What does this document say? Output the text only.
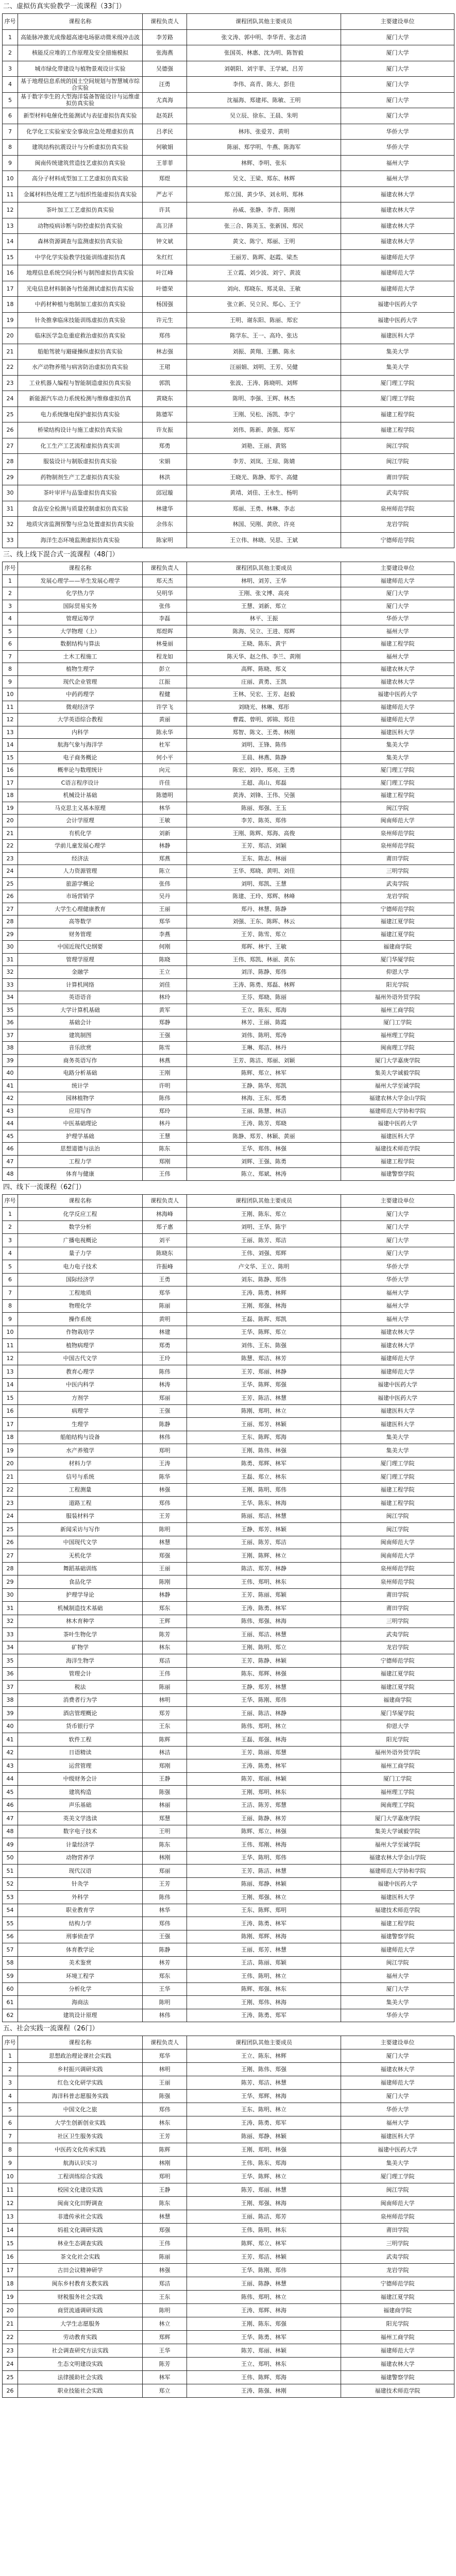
二、虚拟仿真实验教学一流课程（33门）
序号	课程名称	课程负责人	课程团队其他主要成员	主要建设单位
1	高能脉冲激光成像超高速电场驱动微米级冲击波	李芳路	张文涛、郭中明、李华青、张志清	厦门大学
2	核能反应堆的工作原理及安全措施模拟	张海燕	张国英、林惠、沈为明、陈智毅	厦门大学
3	城市绿化带建设与植物景观设计实验	吴德强	刘朝阳、刘宇菲、王学斌、吕芳	厦门大学
4	基于地理信息系统的国土空间规划与智慧城市综合实验	汪勇	李伟、高青、陈大、彭佳	厦门大学
5	基于数字孪生的大型海洋装备智能设计与运维虚拟仿真实验	尤真海	沈福海、郑建邦、陈敏、王明	厦门大学
6	新型材料电催化性能测试与表征虚拟仿真实验	赵英跃	吴立辰、徐东、王晨、朱明	厦门大学
7	化学化工实验室安全事故应急处理虚拟仿真	吕孝民	林玮、张爱芳、黄明	华侨大学
8	建筑结构抗震设计与分析虚拟仿真实验	何敏娟	陈丽、郑学明、牛燕、陈海军	华侨大学
9	闽南传统建筑营造技艺虚拟仿真实验	王菲菲	林辉、李明、张东	福州大学
10	高分子材料成型加工工艺虚拟仿真实验	郑煜	吴文、王梁、郑东、林辉	福州大学
11	金属材料热处理工艺与组织性能虚拟仿真实验	严志平	郑立国、黄少华、刘永明、郑林	福建农林大学
12	茶叶加工工艺虚拟仿真实验	许其	孙威、张静、李青、陈刚	福建农林大学
13	动物疫病诊断与防控虚拟仿真实验	高卫泽	张三合、陈美玉、张新国、郑民	福建农林大学
14	森林资源调查与监测虚拟仿真实验	钟文斌	黄文、陈宁、郑丽、王明	福建农林大学
15	中学化学实验教学技能训练虚拟仿真	朱红红	王丽芳、陈晖、赵霞、梁杰	福建师范大学
16	地理信息系统空间分析与制图虚拟仿真实验	叶江峰	王立霞、刘少波、刘宁、黄波	福建师范大学
17	光电信息材料制备与性能测试虚拟仿真实验	叶德荣	刘向、郑晓东、郑灵泉、王敏	福建师范大学
18	中药材种植与炮制加工虚拟仿真实验	杨国强	张立新、吴立民、郑心、王宁	福建中医药大学
19	针灸推拿临床技能训练虚拟仿真实验	许元生	王明、谢东阳、陈丽、郑宏	福建中医药大学
20	临床医学急危重症救治虚拟仿真实验	郑伟	陈学东、王一、高玲、张达	福建医科大学
21	船舶驾驶与避碰操纵虚拟仿真实验	林志强	刘振、黄翔、王鹏、陈永	集美大学
22	水产动物养殖与病害防治虚拟仿真实验	王珺	汪丽娟、刘明、王芳、吴健	集美大学
23	工业机器人编程与智能制造虚拟仿真实验	郭凯	张波、王涛、陈晓明、刘辉	厦门理工学院
24	新能源汽车动力系统检测与维修虚拟仿真	黄晓东	陈明、李强、王辉、林杰	厦门理工学院
25	电力系统继电保护虚拟仿真实验	陈德军	王刚、吴松、汤凯、李宁	福建工程学院
26	桥梁结构设计与施工虚拟仿真实验	许友振	刘伟、陈新、黄强、郑军	福建工程学院
27	化工生产工艺流程虚拟仿真实训	郑勇	刘艳、王丽、黄铭	闽江学院
28	服装设计与制版虚拟仿真实验	宋娟	李芳、刘岚、王琼、陈婧	闽江学院
29	药物制剂生产工艺虚拟仿真实验	林洪	王晓光、陈静、郑宇、高健	莆田学院
30	茶叶审评与品鉴虚拟仿真实验	邱冠璇	黄靖、刘佳、王永生、杨明	武夷学院
31	食品安全检测与质量控制虚拟仿真实验	林建华	郑丽、王勇、林琳、李志	泉州师范学院
32	地质灾害监测预警与应急处置虚拟仿真实验	余伟东	林国、吴刚、黄欣、许亮	龙岩学院
33	海洋生态环境监测虚拟仿真实验	陈家明	王立伟、林晓、吴思、王斌	宁德师范学院
三、线上线下混合式一流课程（48门）
序号	课程名称	课程负责人	课程团队其他主要成员	主要建设单位
1	发展心理学——毕生发展心理学	郑天杰	林明、刘芳、王华	福建师范大学
2	化学热力学	吴明华	王刚、张文博、高亮	厦门大学
3	国际贸易实务	张伟	王慧、刘新、郑立	厦门大学
4	管理运筹学	李磊	林平、王振	华侨大学
5	大学物理（上）	郑煜晖	陈海、吴立、王进、郑辉	福州大学
6	数据结构与算法	林曼丽	王晓、陈东、黄宇	福建工程学院
7	土木工程施工	程龙如	陈天华、赵之伟、李兰、黄刚	福州大学
8	植物生理学	彭立	高辉、陈晓、郑义	福建农林大学
9	现代企业管理	江振	庄丽、黄勇、王凯	福建农林大学
10	中药药理学	程健	王林、吴宏、王芳、赵毅	福建中医药大学
11	微观经济学	许学飞	刘晓光、林琳、郑彤	福建师范大学
12	大学英语综合教程	黄丽	曹霞、曾明、郭锦、郑佳	福建师范大学
13	内科学	陈永华	郑智、陈文、王勇、林刚	福建医科大学
14	航海气象与海洋学	杜军	刘明、王锋、陈伟	集美大学
15	电子商务概论	何小平	王晨、林燕、陈静	集美大学
16	概率论与数理统计	向元	陈宏、刘玲、郑亮、王勇	厦门理工学院
17	C语言程序设计	许佳	王超、高山、郑磊	厦门理工学院
18	机械设计基础	陈德明	黄涛、刘锋、王伟、吴强	福建工程学院
19	马克思主义基本原理	林华	陈丽、郑强、王玉	闽江学院
20	会计学原理	王敏	李芳、陈英、郑伟	闽南师范大学
21	有机化学	刘新	王刚、陈辉、郑海、高俊	泉州师范学院
22	学前儿童发展心理学	林静	王芳、郑洁、刘颖	泉州师范学院
23	经济法	郑燕	王东、陈志、林丽	莆田学院
24	人力资源管理	陈立	王华、郑晓、黄明、刘佳	三明学院
25	旅游学概论	张伟	刘明、郑凯、王慧	武夷学院
26	市场营销学	吴丹	陈建、王玲、郑辉、林峰	龙岩学院
27	大学生心理健康教育	王丽	郑丹、林慧、陈静	宁德师范学院
28	高等数学	郑华	刘强、王东、陈晖、林云	福建江夏学院
29	财务管理	李燕	王芳、陈雪、郑立	福建江夏学院
30	中国近现代史纲要	何刚	郑晖、林宇、王敏	福建商学院
31	管理学原理	陈晓	王伟、郑凯、林丽、黄东	厦门华厦学院
32	金融学	王立	刘洋、陈静、郑伟	仰恩大学
33	计算机网络	刘佳	王涛、陈勇、郑磊、林辉	阳光学院
34	英语语音	林玲	王芬、郑晓、陈丽	福州外语外贸学院
35	大学计算机基础	黄军	王立、陈东、郑海	福州工商学院
36	基础会计	郑静	林芳、王丽、陈霞	厦门工学院
37	建筑制图	王强	刘伟、陈明、郑涛	福州理工学院
38	音乐欣赏	陈雪	王琳、郑洁、林丹	闽南理工学院
39	商务英语写作	林燕	王芳、陈洁、郑丽、刘颖	厦门大学嘉庚学院
40	电路分析基础	王刚	陈辉、郑立、林军	集美大学诚毅学院
41	统计学	许明	王静、陈华、郑凯	福州大学至诚学院
42	园林植物学	陈伟	林海、王东、郑勇	福建农林大学金山学院
43	应用写作	郑玲	王丽、陈慧、林洁	福建师范大学协和学院
44	中医基础理论	林丹	王涛、陈芳、郑晓	福建中医药大学
45	护理学基础	王慧	陈静、郑芳、林颖、黄丽	福建医科大学
46	思想道德与法治	陈东	王华、郑伟、林强	福建技术师范学院
47	工程力学	郑刚	刘辉、王强、陈勇	福建工程学院
48	体育与健康	王伟	陈立、郑斌、林涛	福建警察学院
四、线下一流课程（62门）
序号	课程名称	课程负责人	课程团队其他主要成员	主要建设单位
1	化学反应工程	林海峰	王刚、陈东、郑立	厦门大学
2	数学分析	郑子惠	刘明、王华、陈宇	厦门大学
3	广播电视概论	刘平	王丽、陈芳、郑洁	厦门大学
4	量子力学	陈晓东	王伟、刘强、郑辉	厦门大学
5	电力电子技术	许振峰	卢文华、王立、陈明	华侨大学
6	国际经济学	王勇	刘东、陈静、郑伟	华侨大学
7	工程地质	郑华	王涛、陈勇、林辉	福州大学
8	物理化学	陈丽	王刚、郑强、林海	福州大学
9	操作系统	黄明	王磊、陈晖、郑凯	福州大学
10	作物栽培学	林建	王华、陈辉、郑立	福建农林大学
11	植物病理学	郑勇	刘伟、王东、陈强	福建农林大学
12	中国古代文学	王玲	陈慧、郑洁、林芳	福建师范大学
13	教育心理学	陈伟	王芳、郑丽、林静	福建师范大学
14	中医内科学	林涛	王华、陈辉、郑强	福建中医药大学
15	方剂学	郑丽	王芳、陈洁、林慧	福建中医药大学
16	病理学	王强	陈刚、郑明、林立	福建医科大学
17	生理学	陈静	王丽、郑芳、林颖	福建医科大学
18	船舶结构与设备	林伟	王东、陈晖、郑海	集美大学
19	水产养殖学	郑明	王刚、陈伟、林强	集美大学
20	材料力学	王涛	陈勇、郑辉、林军	厦门理工学院
21	信号与系统	陈华	王磊、郑立、林东	厦门理工学院
22	工程测量	林强	王刚、陈明、郑伟	福建工程学院
23	道路工程	郑伟	王华、陈东、林海	福建工程学院
24	服装材料学	王芳	陈丽、郑洁、林慧	闽江学院
25	新闻采访与写作	陈明	王静、郑芳、林颖	闽江学院
26	中国现代文学	林慧	王丽、陈芳、郑洁	闽南师范大学
27	无机化学	郑强	王刚、陈辉、林立	闽南师范大学
28	舞蹈基础训练	王丽	陈洁、郑芳、林静	泉州师范学院
29	食品化学	陈刚	王伟、郑明、林东	泉州师范学院
30	护理学导论	林静	王芳、陈丽、郑颖	莆田学院
31	机械制造技术基础	郑东	王涛、陈勇、林军	莆田学院
32	林木育种学	王辉	陈伟、郑强、林海	三明学院
33	茶叶生物化学	陈芳	王丽、郑洁、林慧	武夷学院
34	矿物学	林东	王刚、陈明、郑立	龙岩学院
35	海洋生物学	郑洁	王芳、陈静、林颖	宁德师范学院
36	管理会计	王伟	陈东、郑辉、林强	福建江夏学院
37	税法	陈丽	王静、郑芳、林慧	福建江夏学院
38	消费者行为学	林明	王华、陈刚、郑伟	福建商学院
39	酒店管理概论	郑芳	王丽、陈洁、林静	厦门华厦学院
40	货币银行学	王东	陈伟、郑明、林立	仰恩大学
41	软件工程	陈辉	王磊、郑强、林海	阳光学院
42	日语精读	林洁	王芳、陈丽、郑慧	福州外语外贸学院
43	运营管理	郑刚	王涛、陈勇、林军	福州工商学院
44	中级财务会计	王静	陈芳、郑丽、林颖	厦门工学院
45	建筑构造	陈强	王刚、郑明、林东	福州理工学院
46	声乐基础	林丽	王洁、陈芳、郑慧	闽南理工学院
47	英美文学选读	郑慧	王丽、陈静、林芳	厦门大学嘉庚学院
48	数字电子技术	王明	陈辉、郑立、林强	集美大学诚毅学院
49	计量经济学	陈东	王伟、郑刚、林海	福州大学至诚学院
50	动物营养学	林刚	王华、陈明、郑伟	福建农林大学金山学院
51	现代汉语	郑丽	王芳、陈洁、林慧	福建师范大学协和学院
52	针灸学	王芳	陈丽、郑静、林颖	福建中医药大学
53	外科学	陈伟	王刚、郑强、林立	福建医科大学
54	职业教育学	林华	王东、陈辉、郑明	福建技术师范学院
55	结构力学	郑伟	王涛、陈勇、林军	福建工程学院
56	刑事侦查学	王强	陈刚、郑辉、林海	福建警察学院
57	体育教学论	陈静	王丽、郑芳、林慧	福建师范大学
58	美术鉴赏	林芳	王洁、陈丽、郑颖	闽江学院
59	环境工程学	郑东	王伟、陈明、林立	福州大学
60	分析化学	王华	陈辉、郑强、林东	厦门大学
61	海商法	陈明	王刚、郑伟、林海	集美大学
62	建筑设计原理	林伟	王涛、陈勇、郑军	华侨大学
五、社会实践一流课程（26门）
序号	课程名称	课程负责人	课程团队其他主要成员	主要建设单位
1	思想政治理论课社会实践	郑华	王立、陈东、林辉	厦门大学
2	乡村振兴调研实践	林明	王刚、陈伟、郑强	福建农林大学
3	红色文化研学实践	王丽	陈芳、郑洁、林慧	福建师范大学
4	海洋科普志愿服务实践	陈强	王华、郑辉、林海	厦门大学
5	中国文化之旅	郑伟	王东、陈明、林立	华侨大学
6	大学生创新创业实践	林东	王涛、陈勇、郑军	福州大学
7	社区卫生服务实践	王芳	陈丽、郑静、林颖	福建医科大学
8	中医药文化传承实践	陈辉	王刚、郑明、林强	福建中医药大学
9	航海认识实习	林刚	王伟、陈东、郑海	集美大学
10	工程训练综合实践	郑明	王华、陈辉、林立	厦门理工学院
11	校园文化建设实践	王静	陈芳、郑丽、林慧	闽江学院
12	闽南文化田野调查	陈东	王刚、郑强、林海	闽南师范大学
13	非遗传承社会实践	林慧	王丽、陈洁、郑芳	泉州师范学院
14	妈祖文化调研实践	郑强	王伟、陈明、林东	莆田学院
15	林业生态调查实践	王伟	陈辉、郑立、林军	三明学院
16	茶文化社会实践	陈丽	王芳、郑洁、林颖	武夷学院
17	古田会议精神研学	林强	王华、陈刚、郑伟	龙岩学院
18	闽东乡村教育支教实践	郑洁	王丽、陈静、林慧	宁德师范学院
19	财税服务社会实践	王东	陈伟、郑明、林立	福建江夏学院
20	商贸流通调研实践	陈明	王涛、郑辉、林海	福建商学院
21	大学生志愿服务	林立	王刚、陈东、郑强	阳光学院
22	劳动教育实践	郑辉	王华、陈勇、林军	福州工商学院
23	社会调查研究方法实践	王华	陈芳、郑丽、林颖	福建师范大学
24	生态文明建设实践	陈芳	王立、郑明、林东	福建农林大学
25	法律援助社会实践	林军	王伟、陈辉、郑海	福建警察学院
26	职业技能社会实践	郑立	王涛、陈强、林刚	福建技术师范学院
